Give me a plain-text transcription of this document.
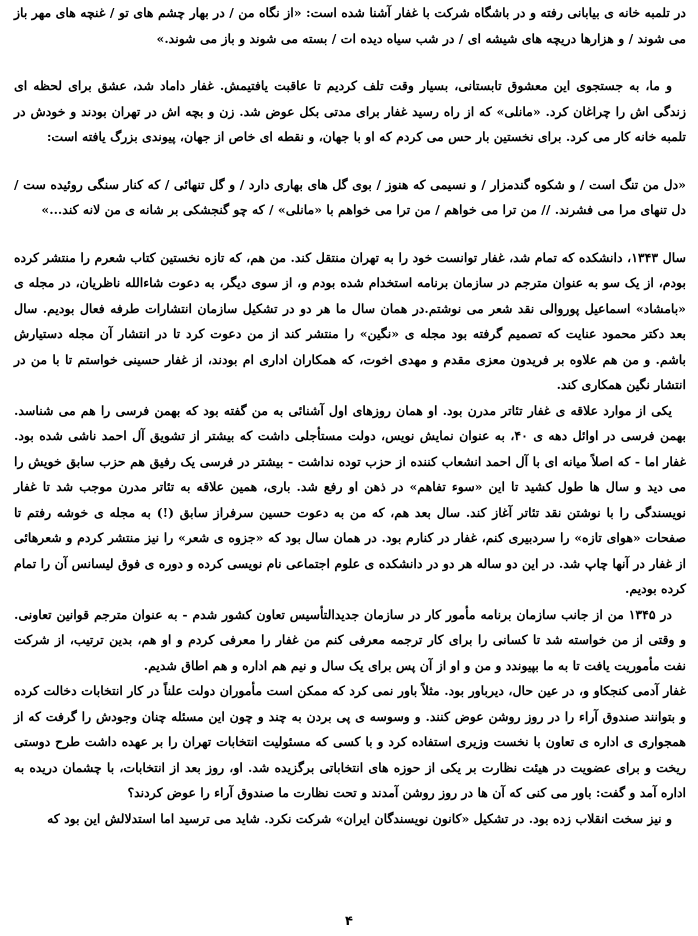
در تلمبه خانه ی بیابانی رفته و در باشگاه شرکت با غفار آشنا شده است: «از نگاه من / در بهار چشم های تو / غنچه های مهر باز می شوند / و هزارها دریچه های شیشه ای / در شب سیاه دیده ات / بسته می شوند و باز می شوند.»

و ما، به جستجوی این معشوق تابستانی، بسیار وقت تلف کردیم تا عاقبت یافتیمش. غفار داماد شد، عشق برای لحظه ای زندگی اش را چراغان کرد. «مانلی» که از راه رسید غفار برای مدتی بکل عوض شد. زن و بچه اش در تهران بودند و خودش در تلمبه خانه کار می کرد. برای نخستین بار حس می کردم که او با جهان، و نقطه ای خاص از جهان، پیوندی بزرگ یافته است:

«دل من تنگ است / و شکوه گندمزار / و نسیمی که هنوز / بوی گل های بهاری دارد / و گل تنهائی / که کنار سنگی روئیده ست / دل تنهای مرا می فشرند. // من ترا می خواهم / من ترا می خواهم با «مانلی» / که چو گنجشکی بر شانه ی من لانه کند...»

سال ۱۳۴۳، دانشکده که تمام شد، غفار توانست خود را به تهران منتقل کند. من هم، که تازه نخستین کتاب شعرم را منتشر کرده بودم، از یک سو به عنوان مترجم در سازمان برنامه استخدام شده بودم و، از سوی دیگر، به دعوت شاءالله ناظریان، در مجله ی «بامشاد» اسماعیل پوروالی نقد شعر می نوشتم.در همان سال ما هر دو در تشکیل سازمان انتشارات طرفه فعال بودیم. سال بعد دکتر محمود عنایت که تصمیم گرفته بود مجله ی «نگین» را منتشر کند از من دعوت کرد تا در انتشار آن مجله دستیارش باشم. و من هم علاوه بر فریدون معزی مقدم و مهدی اخوت، که همکاران اداری ام بودند، از غفار حسینی خواستم تا با من در انتشار نگین همکاری کند.

یکی از موارد علاقه ی غفار تئاتر مدرن بود. او همان روزهای اول آشنائی به من گفته بود که بهمن فرسی را هم می شناسد. بهمن فرسی در اوائل دهه ی ۴۰، به عنوان نمایش نویس، دولت مستأجلی داشت که بیشتر از تشویق آل احمد ناشی شده بود. غفار اما - که اصلاً میانه ای با آل احمد انشعاب کننده از حزب توده نداشت - بیشتر در فرسی یک رفیق هم حزب سابق خویش را می دید و سال ها طول کشید تا این «سوء تفاهم» در ذهن او رفع شد. باری، همین علاقه به تئاتر مدرن موجب شد تا غفار نویسندگی را با نوشتن نقد تئاتر آغاز کند. سال بعد هم، که من به دعوت حسین سرفراز سابق (!) به مجله ی خوشه رفتم تا صفحات «هوای تازه» را سردبیری کنم، غفار در کنارم بود. در همان سال بود که «جزوه ی شعر» را نیز منتشر کردم و شعرهائی از غفار در آنها چاپ شد. در این دو ساله هر دو در دانشکده ی علوم اجتماعی نام نویسی کرده و دوره ی فوق لیسانس آن را تمام کرده بودیم.

در ۱۳۴۵ من از جانب سازمان برنامه مأمور کار در سازمان جدیدالتأسیس تعاون کشور شدم - به عنوان مترجم قوانین تعاونی. و وقتی از من خواسته شد تا کسانی را برای کار ترجمه معرفی کنم من غفار را معرفی کردم و او هم، بدین ترتیب، از شرکت نفت مأموریت یافت تا به ما بپیوندد و من و او از آن پس برای یک سال و نیم هم اداره و هم اطاق شدیم.

غفار آدمی کنجکاو و، در عین حال، دیرباور بود. مثلاً باور نمی کرد که ممکن است مأموران دولت علناً در کار انتخابات دخالت کرده و بتوانند صندوق آراء را در روز روشن عوض کنند. و وسوسه ی پی بردن به چند و چون این مسئله چنان وجودش را گرفت که از همجواری ی اداره ی تعاون با نخست وزیری استفاده کرد و با کسی که مسئولیت انتخابات تهران را بر عهده داشت طرح دوستی ریخت و برای عضویت در هیئت نظارت بر یکی از حوزه های انتخاباتی برگزیده شد. او، روز بعد از انتخابات، با چشمان دریده به اداره آمد و گفت: باور می کنی که آن ها در روز روشن آمدند و تحت نظارت ما صندوق آراء را عوض کردند؟

و نیز سخت انقلاب زده بود. در تشکیل «کانون نویسندگان ایران» شرکت نکرد. شاید می ترسید اما استدلالش این بود که

۴
